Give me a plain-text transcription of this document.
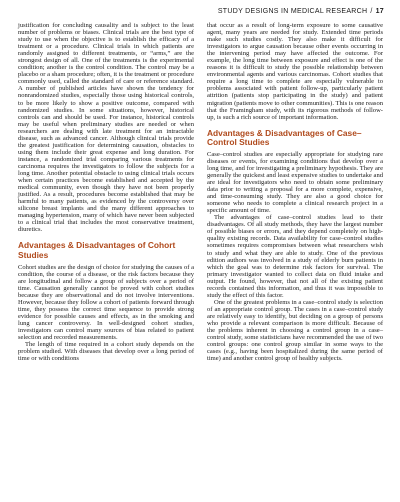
STUDY DESIGNS IN MEDICAL RESEARCH / 17

justification for concluding causality and is subject to the least number of problems or biases. Clinical trials are the best type of study to use when the objective is to establish the efficacy of a treatment or a procedure. Clinical trials in which patients are randomly assigned to different treatments, or “arms,” are the strongest design of all. One of the treatments is the experimental condition; another is the control condition. The control may be a placebo or a sham procedure; often, it is the treatment or procedure commonly used, called the standard of care or reference standard. A number of published articles have shown the tendency for nonrandomized studies, especially those using historical controls, to be more likely to show a positive outcome, compared with randomized studies. In some situations, however, historical controls can and should be used. For instance, historical controls may be useful when preliminary studies are needed or when researchers are dealing with late treatment for an intractable disease, such as advanced cancer. Although clinical trials provide the greatest justification for determining causation, obstacles to using them include their great expense and long duration. For instance, a randomized trial comparing various treatments for carcinoma requires the investigators to follow the subjects for a long time. Another potential obstacle to using clinical trials occurs when certain practices become established and accepted by the medical community, even though they have not been properly justified. As a result, procedures become established that may be harmful to many patients, as evidenced by the controversy over silicone breast implants and the many different approaches to managing hypertension, many of which have never been subjected to a clinical trial that includes the most conservative treatment, diuretics.

Advantages & Disadvantages of Cohort Studies

Cohort studies are the design of choice for studying the causes of a condition, the course of a disease, or the risk factors because they are longitudinal and follow a group of subjects over a period of time. Causation generally cannot be proved with cohort studies because they are observational and do not involve interventions. However, because they follow a cohort of patients forward through time, they possess the correct time sequence to provide strong evidence for possible causes and effects, as in the smoking and lung cancer controversy. In well-designed cohort studies, investigators can control many sources of bias related to patient selection and recorded measurements.

The length of time required in a cohort study depends on the problem studied. With diseases that develop over a long period of time or with conditions

that occur as a result of long-term exposure to some causative agent, many years are needed for study. Extended time periods make such studies costly. They also make it difficult for investigators to argue causation because other events occurring in the intervening period may have affected the outcome. For example, the long time between exposure and effect is one of the reasons it is difficult to study the possible relationship between environmental agents and various carcinomas. Cohort studies that require a long time to complete are especially vulnerable to problems associated with patient follow-up, particularly patient attrition (patients stop participating in the study) and patient migration (patients move to other communities). This is one reason that the Framingham study, with its rigorous methods of follow-up, is such a rich source of important information.

Advantages & Disadvantages of Case–Control Studies

Case–control studies are especially appropriate for studying rare diseases or events, for examining conditions that develop over a long time, and for investigating a preliminary hypothesis. They are generally the quickest and least expensive studies to undertake and are ideal for investigators who need to obtain some preliminary data prior to writing a proposal for a more complete, expensive, and time-consuming study. They are also a good choice for someone who needs to complete a clinical research project in a specific amount of time.

The advantages of case–control studies lead to their disadvantages. Of all study methods, they have the largest number of possible biases or errors, and they depend completely on high-quality existing records. Data availability for case–control studies sometimes requires compromises between what researchers wish to study and what they are able to study. One of the previous edition authors was involved in a study of elderly burn patients in which the goal was to determine risk factors for survival. The primary investigator wanted to collect data on fluid intake and output. He found, however, that not all of the existing patient records contained this information, and thus it was impossible to study the effect of this factor.

One of the greatest problems in a case–control study is selection of an appropriate control group. The cases in a case–control study are relatively easy to identify, but deciding on a group of persons who provide a relevant comparison is more difficult. Because of the problems inherent in choosing a control group in a case–control study, some statisticians have recommended the use of two control groups: one control group similar in some ways to the cases (e.g., having been hospitalized during the same period of time) and another control group of healthy subjects.
